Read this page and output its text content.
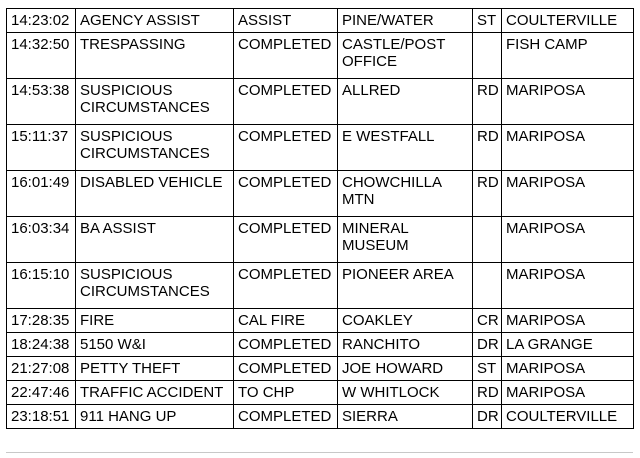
14:23:02	AGENCY ASSIST	ASSIST	PINE/WATER	ST	COULTERVILLE
14:32:50	TRESPASSING	COMPLETED	CASTLE/POST OFFICE		FISH CAMP
14:53:38	SUSPICIOUS CIRCUMSTANCES	COMPLETED	ALLRED	RD	MARIPOSA
15:11:37	SUSPICIOUS CIRCUMSTANCES	COMPLETED	E WESTFALL	RD	MARIPOSA
16:01:49	DISABLED VEHICLE	COMPLETED	CHOWCHILLA MTN	RD	MARIPOSA
16:03:34	BA ASSIST	COMPLETED	MINERAL MUSEUM		MARIPOSA
16:15:10	SUSPICIOUS CIRCUMSTANCES	COMPLETED	PIONEER AREA		MARIPOSA
17:28:35	FIRE	CAL FIRE	COAKLEY	CR	MARIPOSA
18:24:38	5150 W&I	COMPLETED	RANCHITO	DR	LA GRANGE
21:27:08	PETTY THEFT	COMPLETED	JOE HOWARD	ST	MARIPOSA
22:47:46	TRAFFIC ACCIDENT	TO CHP	W WHITLOCK	RD	MARIPOSA
23:18:51	911 HANG UP	COMPLETED	SIERRA	DR	COULTERVILLE
